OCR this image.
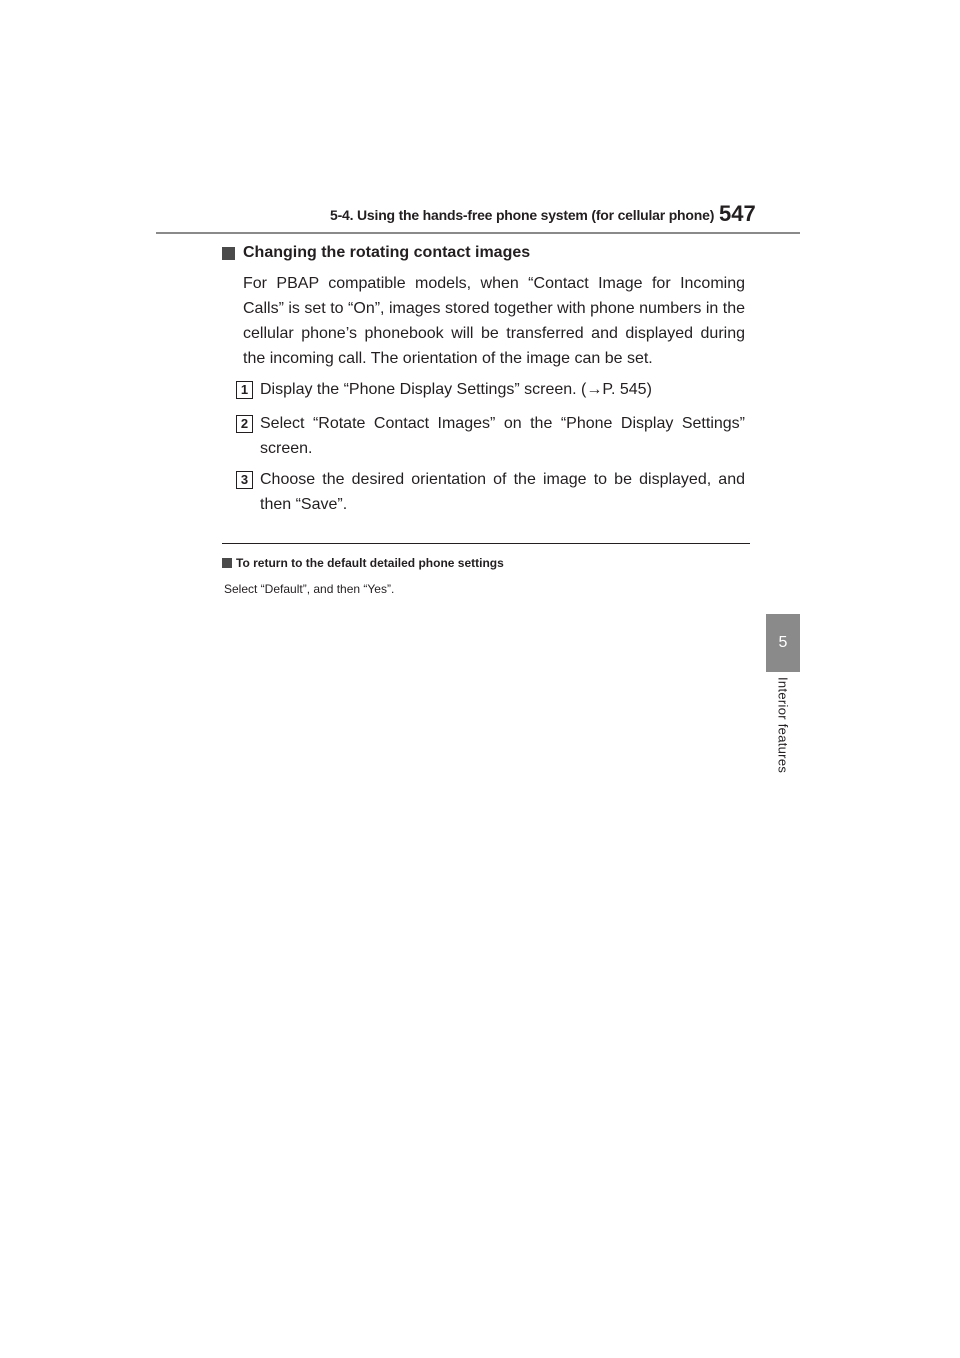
5-4. Using the hands-free phone system (for cellular phone) 547
Changing the rotating contact images
For PBAP compatible models, when “Contact Image for Incoming Calls” is set to “On”, images stored together with phone numbers in the cellular phone’s phonebook will be transferred and displayed during the incoming call. The orientation of the image can be set.
1 Display the “Phone Display Settings” screen. (→P. 545)
2 Select “Rotate Contact Images” on the “Phone Display Settings” screen.
3 Choose the desired orientation of the image to be displayed, and then “Save”.
To return to the default detailed phone settings
Select “Default”, and then “Yes”.
5
Interior features
